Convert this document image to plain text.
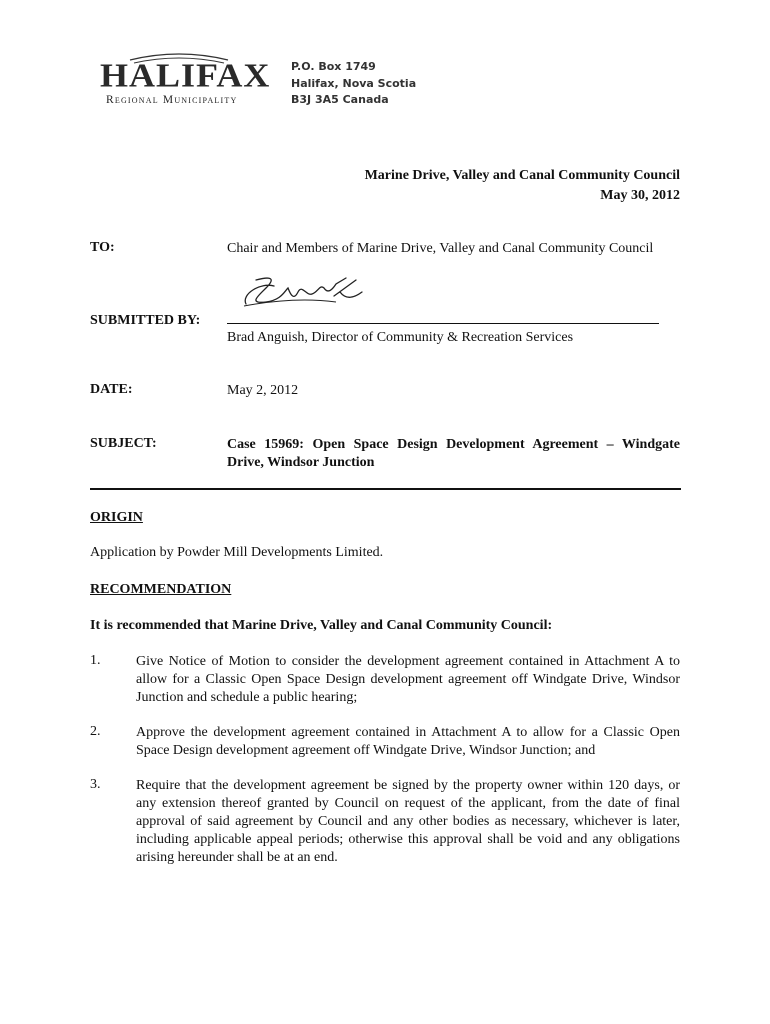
HALIFAX
Regional Municipality
P.O. Box 1749
Halifax, Nova Scotia
B3J 3A5 Canada
Marine Drive, Valley and Canal Community Council
May 30, 2012
TO:	Chair and Members of Marine Drive, Valley and Canal Community Council
SUBMITTED BY:
Brad Anguish, Director of Community & Recreation Services
DATE:	May 2, 2012
SUBJECT:	Case 15969: Open Space Design Development Agreement – Windgate Drive, Windsor Junction
ORIGIN
Application by Powder Mill Developments Limited.
RECOMMENDATION
It is recommended that Marine Drive, Valley and Canal Community Council:
1.	Give Notice of Motion to consider the development agreement contained in Attachment A to allow for a Classic Open Space Design development agreement off Windgate Drive, Windsor Junction and schedule a public hearing;
2.	Approve the development agreement contained in Attachment A to allow for a Classic Open Space Design development agreement off Windgate Drive, Windsor Junction; and
3.	Require that the development agreement be signed by the property owner within 120 days, or any extension thereof granted by Council on request of the applicant, from the date of final approval of said agreement by Council and any other bodies as necessary, whichever is later, including applicable appeal periods; otherwise this approval shall be void and any obligations arising hereunder shall be at an end.
